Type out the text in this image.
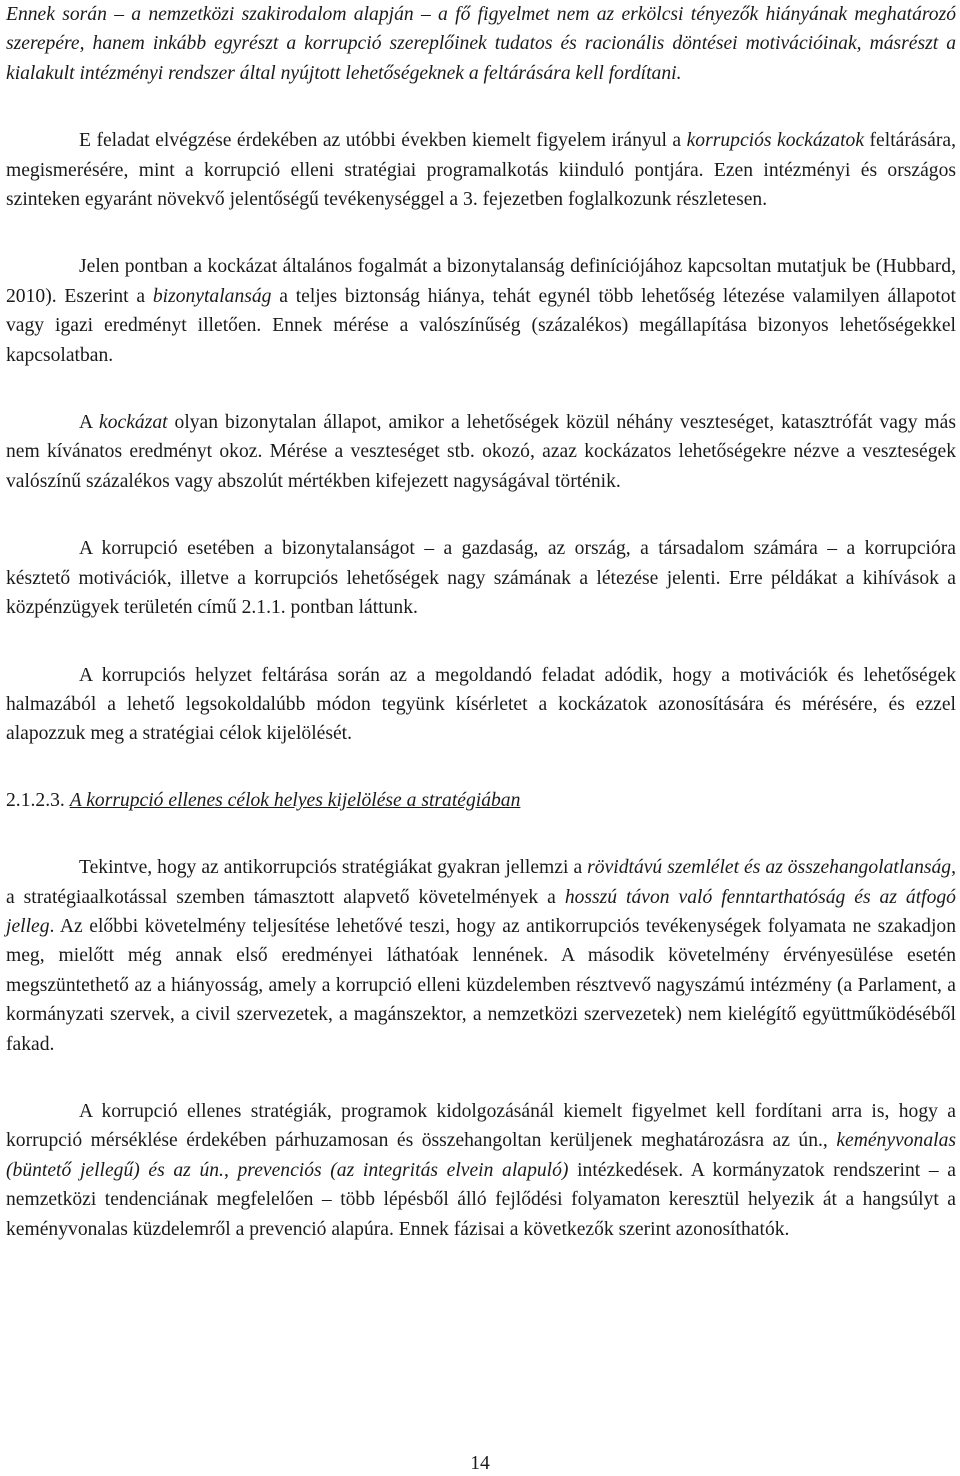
Ennek során – a nemzetközi szakirodalom alapján – a fő figyelmet nem az erkölcsi tényezők hiányának meghatározó szerepére, hanem inkább egyrészt a korrupció szereplőinek tudatos és racionális döntései motivációinak, másrészt a kialakult intézményi rendszer által nyújtott lehetőségeknek a feltárására kell fordítani.

E feladat elvégzése érdekében az utóbbi években kiemelt figyelem irányul a korrupciós kockázatok feltárására, megismerésére, mint a korrupció elleni stratégiai programalkotás kiinduló pontjára. Ezen intézményi és országos szinteken egyaránt növekvő jelentőségű tevékenységgel a 3. fejezetben foglalkozunk részletesen.

Jelen pontban a kockázat általános fogalmát a bizonytalanság definíciójához kapcsoltan mutatjuk be (Hubbard, 2010). Eszerint a bizonytalanság a teljes biztonság hiánya, tehát egynél több lehetőség létezése valamilyen állapotot vagy igazi eredményt illetően. Ennek mérése a valószínűség (százalékos) megállapítása bizonyos lehetőségekkel kapcsolatban.

A kockázat olyan bizonytalan állapot, amikor a lehetőségek közül néhány veszteséget, katasztrófát vagy más nem kívánatos eredményt okoz. Mérése a veszteséget stb. okozó, azaz kockázatos lehetőségekre nézve a veszteségek valószínű százalékos vagy abszolút mértékben kifejezett nagyságával történik.

A korrupció esetében a bizonytalanságot – a gazdaság, az ország, a társadalom számára – a korrupcióra késztető motivációk, illetve a korrupciós lehetőségek nagy számának a létezése jelenti. Erre példákat a kihívások a közpénzügyek területén című 2.1.1. pontban láttunk.

A korrupciós helyzet feltárása során az a megoldandó feladat adódik, hogy a motivációk és lehetőségek halmazából a lehető legsokoldalúbb módon tegyünk kísérletet a kockázatok azonosítására és mérésére, és ezzel alapozzuk meg a stratégiai célok kijelölését.

2.1.2.3. A korrupció ellenes célok helyes kijelölése a stratégiában

Tekintve, hogy az antikorrupciós stratégiákat gyakran jellemzi a rövidtávú szemlélet és az összehangolatlanság, a stratégiaalkotással szemben támasztott alapvető követelmények a hosszú távon való fenntarthatóság és az átfogó jelleg. Az előbbi követelmény teljesítése lehetővé teszi, hogy az antikorrupciós tevékenységek folyamata ne szakadjon meg, mielőtt még annak első eredményei láthatóak lennének. A második követelmény érvényesülése esetén megszüntethető az a hiányosság, amely a korrupció elleni küzdelemben résztvevő nagyszámú intézmény (a Parlament, a kormányzati szervek, a civil szervezetek, a magánszektor, a nemzetközi szervezetek) nem kielégítő együttműködéséből fakad.

A korrupció ellenes stratégiák, programok kidolgozásánál kiemelt figyelmet kell fordítani arra is, hogy a korrupció mérséklése érdekében párhuzamosan és összehangoltan kerüljenek meghatározásra az ún., keményvonalas (büntető jellegű) és az ún., prevenciós (az integritás elvein alapuló) intézkedések. A kormányzatok rendszerint – a nemzetközi tendenciának megfelelően – több lépésből álló fejlődési folyamaton keresztül helyezik át a hangsúlyt a keményvonalas küzdelemről a prevenció alapúra. Ennek fázisai a következők szerint azonosíthatók.

14
